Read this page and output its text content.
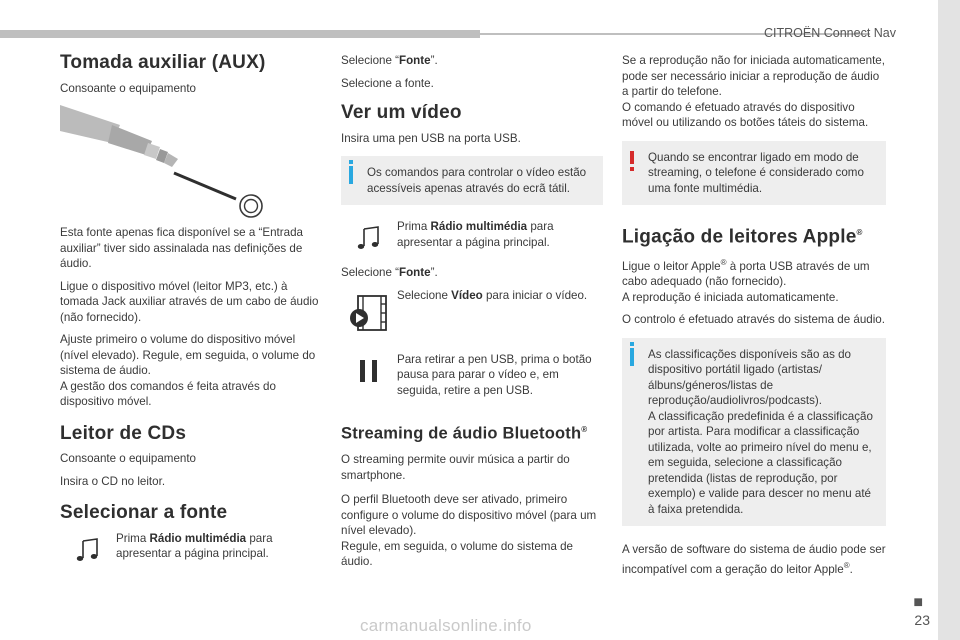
CITROËN Connect Nav
■
23
carmanualsonline.info
Tomada auxiliar (AUX)

Consoante o equipamento

Esta fonte apenas fica disponível se a “Entrada auxiliar” tiver sido assinalada nas definições de áudio.

Ligue o dispositivo móvel (leitor MP3, etc.) à tomada Jack auxiliar através de um cabo de áudio (não fornecido).

Ajuste primeiro o volume do dispositivo móvel (nível elevado). Regule, em seguida, o volume do sistema de áudio.
A gestão dos comandos é feita através do dispositivo móvel.

Leitor de CDs

Consoante o equipamento

Insira o CD no leitor.

Selecionar a fonte
Prima Rádio multimédia para apresentar a página principal.

Selecione “Fonte”.

Selecione a fonte.

Ver um vídeo

Insira uma pen USB na porta USB.

Os comandos para controlar o vídeo estão acessíveis apenas através do ecrã tátil.
Prima Rádio multimédia para apresentar a página principal.

Selecione “Fonte”.

Selecione Vídeo para iniciar o vídeo.
Para retirar a pen USB, prima o botão pausa para parar o vídeo e, em seguida, retire a pen USB.
Streaming de áudio Bluetooth®

O streaming permite ouvir música a partir do smartphone.

O perfil Bluetooth deve ser ativado, primeiro configure o volume do dispositivo móvel (para um nível elevado).
Regule, em seguida, o volume do sistema de áudio.

Se a reprodução não for iniciada automaticamente, pode ser necessário iniciar a reprodução de áudio a partir do telefone.
O comando é efetuado através do dispositivo móvel ou utilizando os botões táteis do sistema.

Quando se encontrar ligado em modo de streaming, o telefone é considerado como uma fonte multimédia.
Ligação de leitores Apple®

Ligue o leitor Apple® à porta USB através de um cabo adequado (não fornecido).
A reprodução é iniciada automaticamente.

O controlo é efetuado através do sistema de áudio.

As classificações disponíveis são as do dispositivo portátil ligado (artistas/álbuns/géneros/listas de reprodução/audiolivros/podcasts).
A classificação predefinida é a classificação por artista. Para modificar a classificação utilizada, volte ao primeiro nível do menu e, em seguida, selecione a classificação pretendida (listas de reprodução, por exemplo) e valide para descer no menu até à faixa pretendida.

A versão de software do sistema de áudio pode ser incompatível com a geração do leitor Apple®.
